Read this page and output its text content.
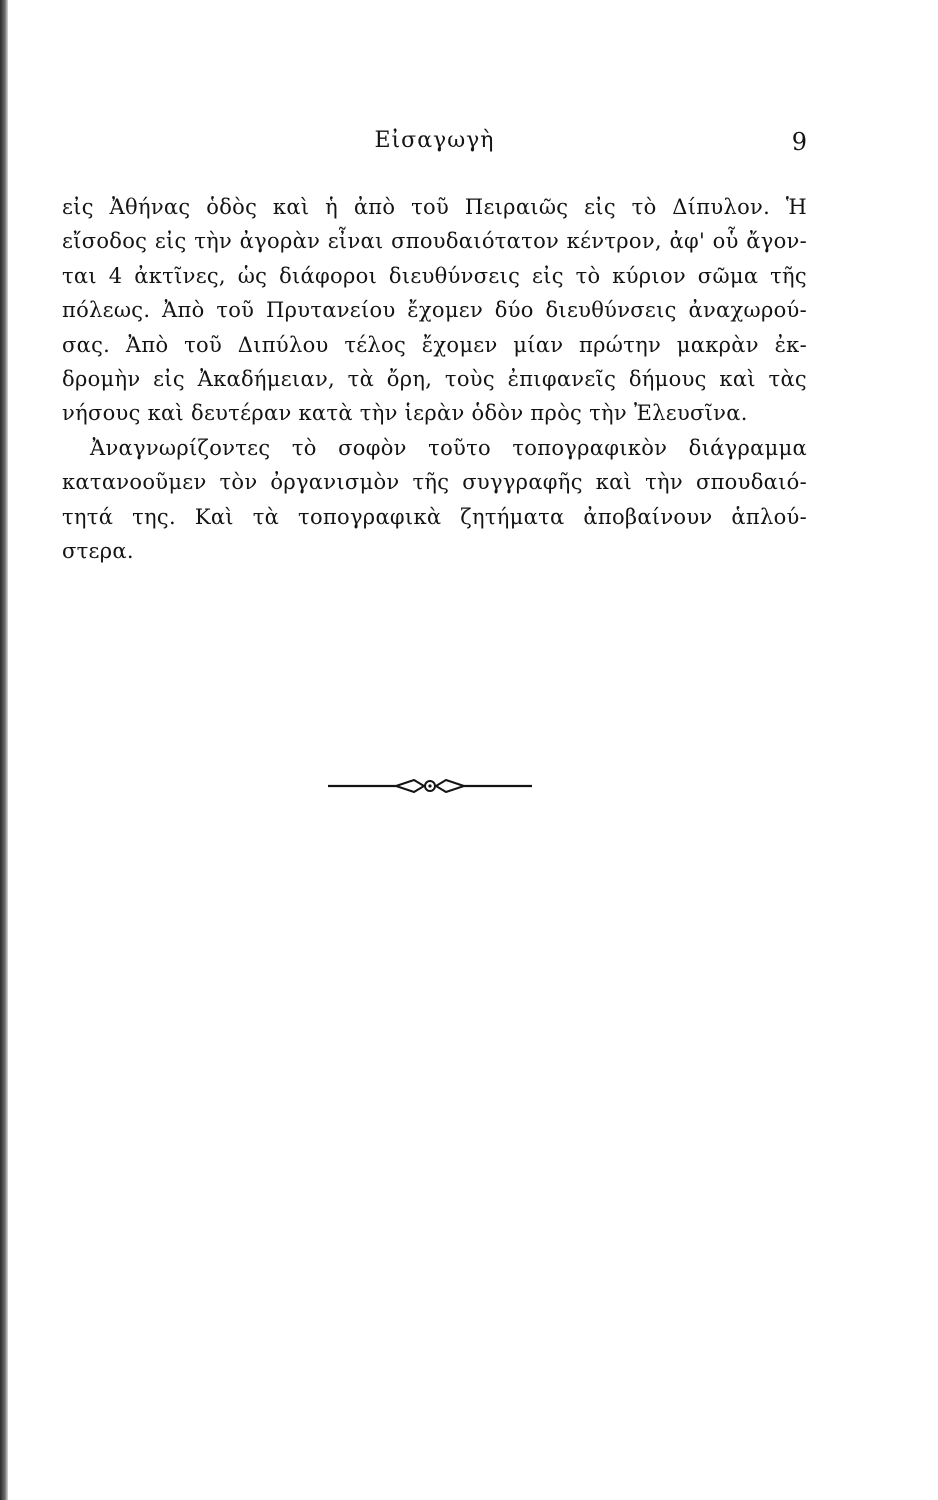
Εἰσαγωγὴ	9
εἰς Ἀθήνας ὁδὸς καὶ ἡ ἀπὸ τοῦ Πειραιῶς εἰς τὸ Δίπυλον. Ἡ
εἴσοδος εἰς τὴν ἀγορὰν εἶναι σπουδαιότατον κέντρον, ἀφ' οὗ ἄγον-
ται 4 ἀκτῖνες, ὡς διάφοροι διευθύνσεις εἰς τὸ κύριον σῶμα τῆς
πόλεως. Ἀπὸ τοῦ Πρυτανείου ἔχομεν δύο διευθύνσεις ἀναχωρού-
σας. Ἀπὸ τοῦ Διπύλου τέλος ἔχομεν μίαν πρώτην μακρὰν ἐκ-
δρομὴν εἰς Ἀκαδήμειαν, τὰ ὄρη, τοὺς ἐπιφανεῖς δήμους καὶ τὰς
νήσους καὶ δευτέραν κατὰ τὴν ἱερὰν ὁδὸν πρὸς τὴν Ἐλευσῖνα.
Ἀναγνωρίζοντες τὸ σοφὸν τοῦτο τοπογραφικὸν διάγραμμα
κατανοοῦμεν τὸν ὀργανισμὸν τῆς συγγραφῆς καὶ τὴν σπουδαιό-
τητά της. Καὶ τὰ τοπογραφικὰ ζητήματα ἀποβαίνουν ἁπλού-
στερα.
